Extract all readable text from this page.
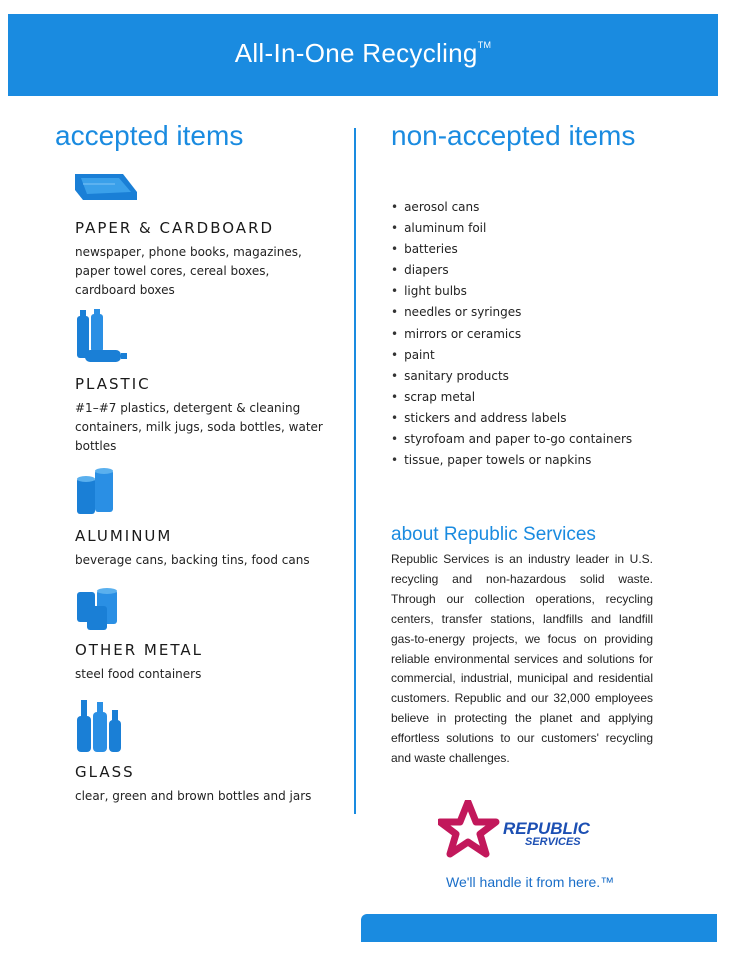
All-In-One Recycling™
accepted items
PAPER & CARDBOARD
newspaper, phone books, magazines, paper towel cores, cereal boxes, cardboard boxes
PLASTIC
#1–#7 plastics, detergent & cleaning containers, milk jugs, soda bottles, water bottles
ALUMINUM
beverage cans, backing tins, food cans
OTHER METAL
steel food containers
GLASS
clear, green and brown bottles and jars
non-accepted items
• aerosol cans
• aluminum foil
• batteries
• diapers
• light bulbs
• needles or syringes
• mirrors or ceramics
• paint
• sanitary products
• scrap metal
• stickers and address labels
• styrofoam and paper to-go containers
• tissue, paper towels or napkins
about Republic Services

Republic Services is an industry leader in U.S. recycling and non-hazardous solid waste. Through our collection operations, recycling centers, transfer stations, landfills and landfill gas-to-energy projects, we focus on providing reliable environmental services and solutions for commercial, industrial, municipal and residential customers. Republic and our 32,000 employees believe in protecting the planet and applying effortless solutions to our customers' recycling and waste challenges.

REPUBLIC
SERVICES
We'll handle it from here.™
